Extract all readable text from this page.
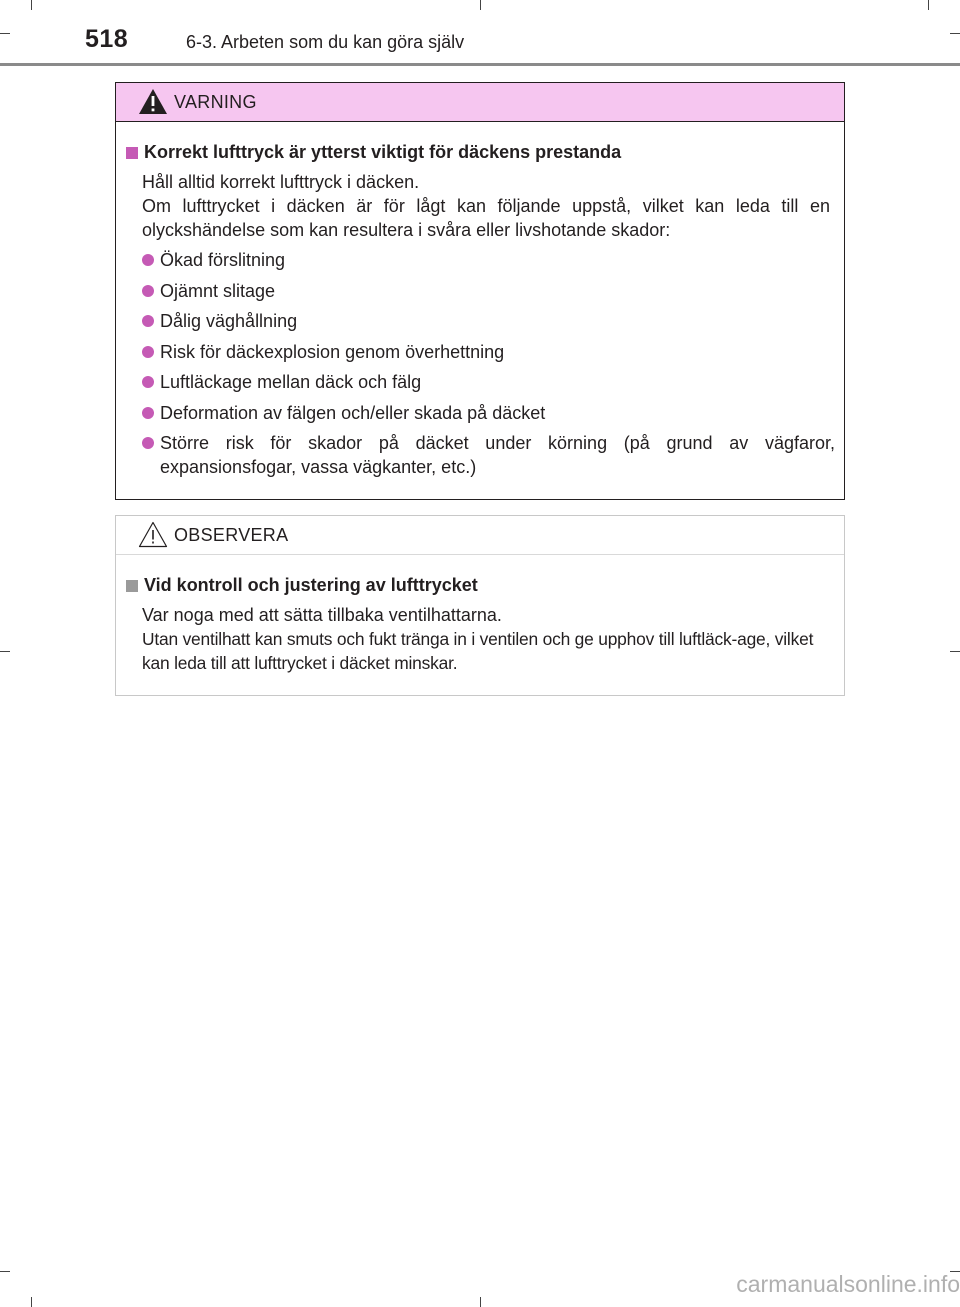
518	6-3. Arbeten som du kan göra själv
VARNING
Korrekt lufttryck är ytterst viktigt för däckens prestanda
Håll alltid korrekt lufttryck i däcken.
Om lufttrycket i däcken är för lågt kan följande uppstå, vilket kan leda till en olyckshändelse som kan resultera i svåra eller livshotande skador:
Ökad förslitning
Ojämnt slitage
Dålig väghållning
Risk för däckexplosion genom överhettning
Luftläckage mellan däck och fälg
Deformation av fälgen och/eller skada på däcket
Större risk för skador på däcket under körning (på grund av vägfaror, expansionsfogar, vassa vägkanter, etc.)
OBSERVERA
Vid kontroll och justering av lufttrycket
Var noga med att sätta tillbaka ventilhattarna.
Utan ventilhatt kan smuts och fukt tränga in i ventilen och ge upphov till luftläck-age, vilket kan leda till att lufttrycket i däcket minskar.
carmanualsonline.info
